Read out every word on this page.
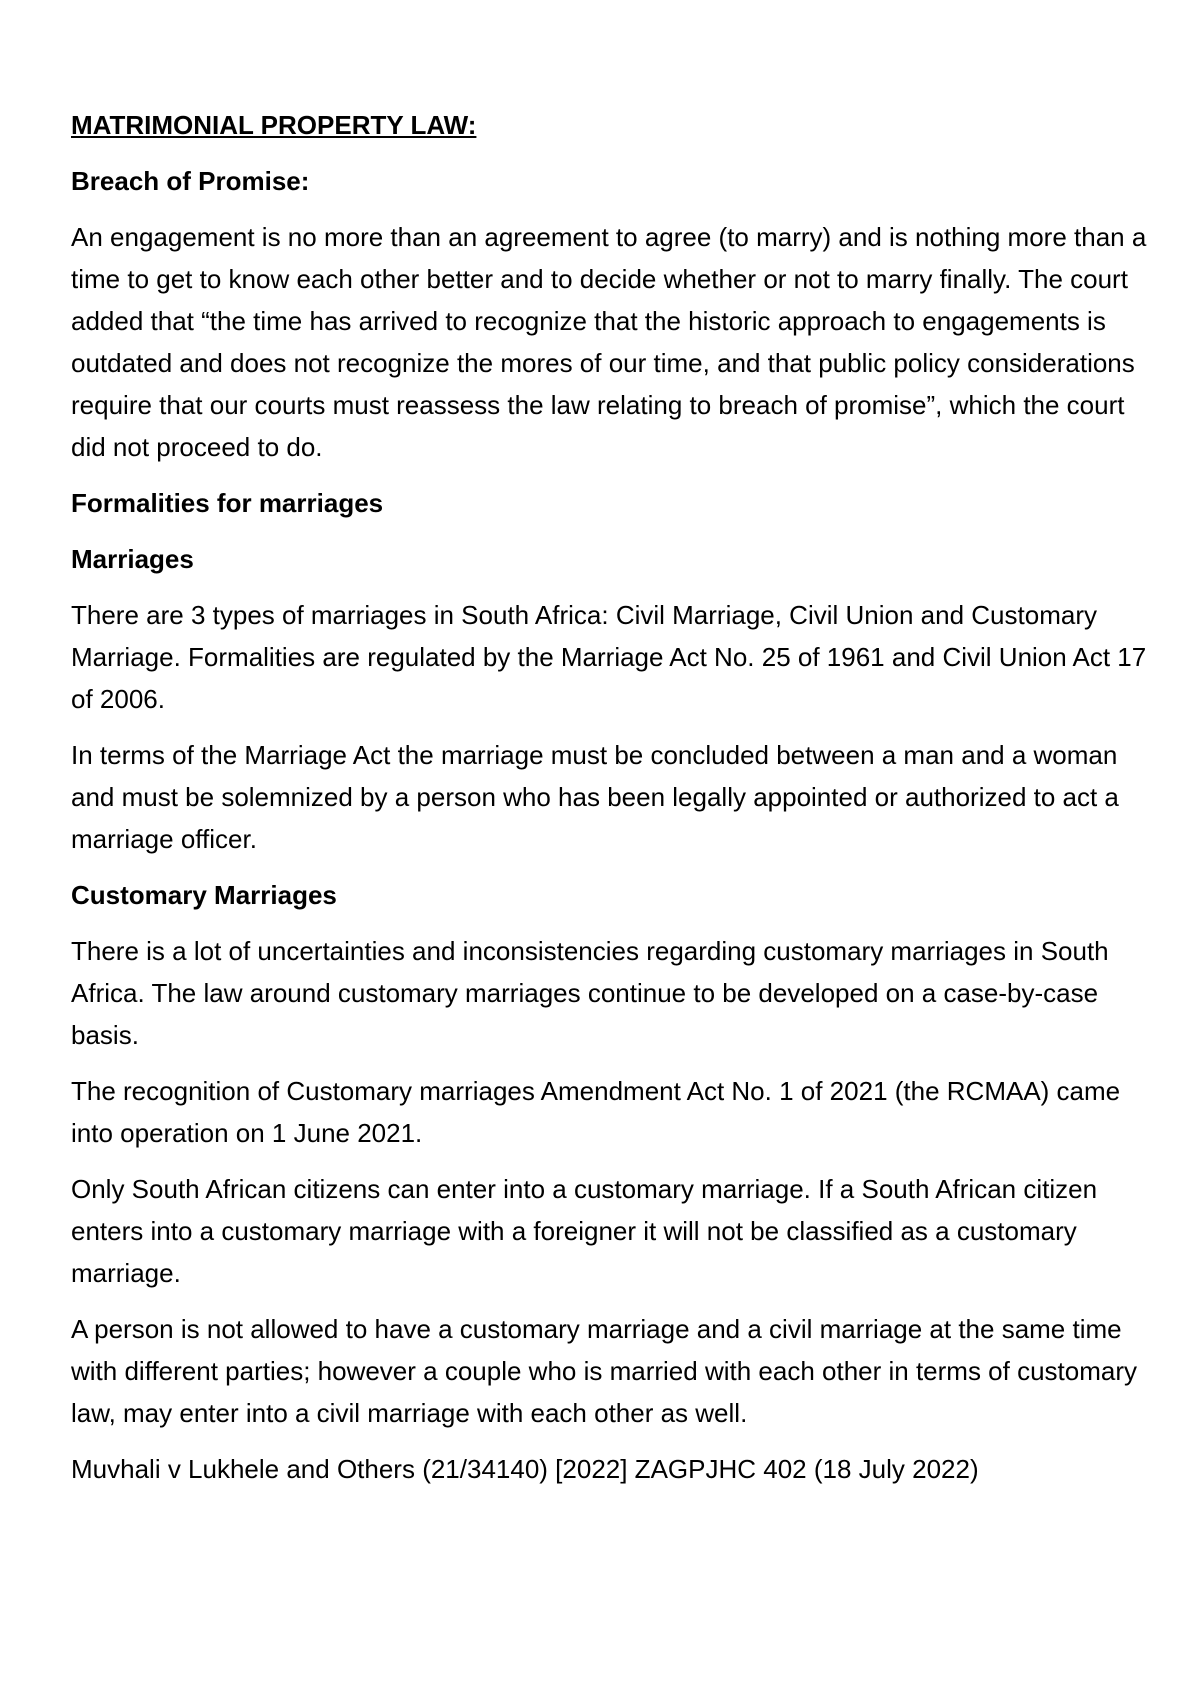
MATRIMONIAL PROPERTY LAW:
Breach of Promise:
An engagement is no more than an agreement to agree (to marry) and is nothing more than a time to get to know each other better and to decide whether or not to marry finally. The court added that “the time has arrived to recognize that the historic approach to engagements is outdated and does not recognize the mores of our time, and that public policy considerations require that our courts must reassess the law relating to breach of promise”, which the court did not proceed to do.
Formalities for marriages
Marriages
There are 3 types of marriages in South Africa: Civil Marriage, Civil Union and Customary Marriage. Formalities are regulated by the Marriage Act No. 25 of 1961 and Civil Union Act 17 of 2006.
In terms of the Marriage Act the marriage must be concluded between a man and a woman and must be solemnized by a person who has been legally appointed or authorized to act a marriage officer.
Customary Marriages
There is a lot of uncertainties and inconsistencies regarding customary marriages in South Africa. The law around customary marriages continue to be developed on a case-by-case basis.
The recognition of Customary marriages Amendment Act No. 1 of 2021 (the RCMAA) came into operation on 1 June 2021.
Only South African citizens can enter into a customary marriage. If a South African citizen enters into a customary marriage with a foreigner it will not be classified as a customary marriage.
A person is not allowed to have a customary marriage and a civil marriage at the same time with different parties; however a couple who is married with each other in terms of customary law, may enter into a civil marriage with each other as well.
Muvhali v Lukhele and Others (21/34140) [2022] ZAGPJHC 402 (18 July 2022)
